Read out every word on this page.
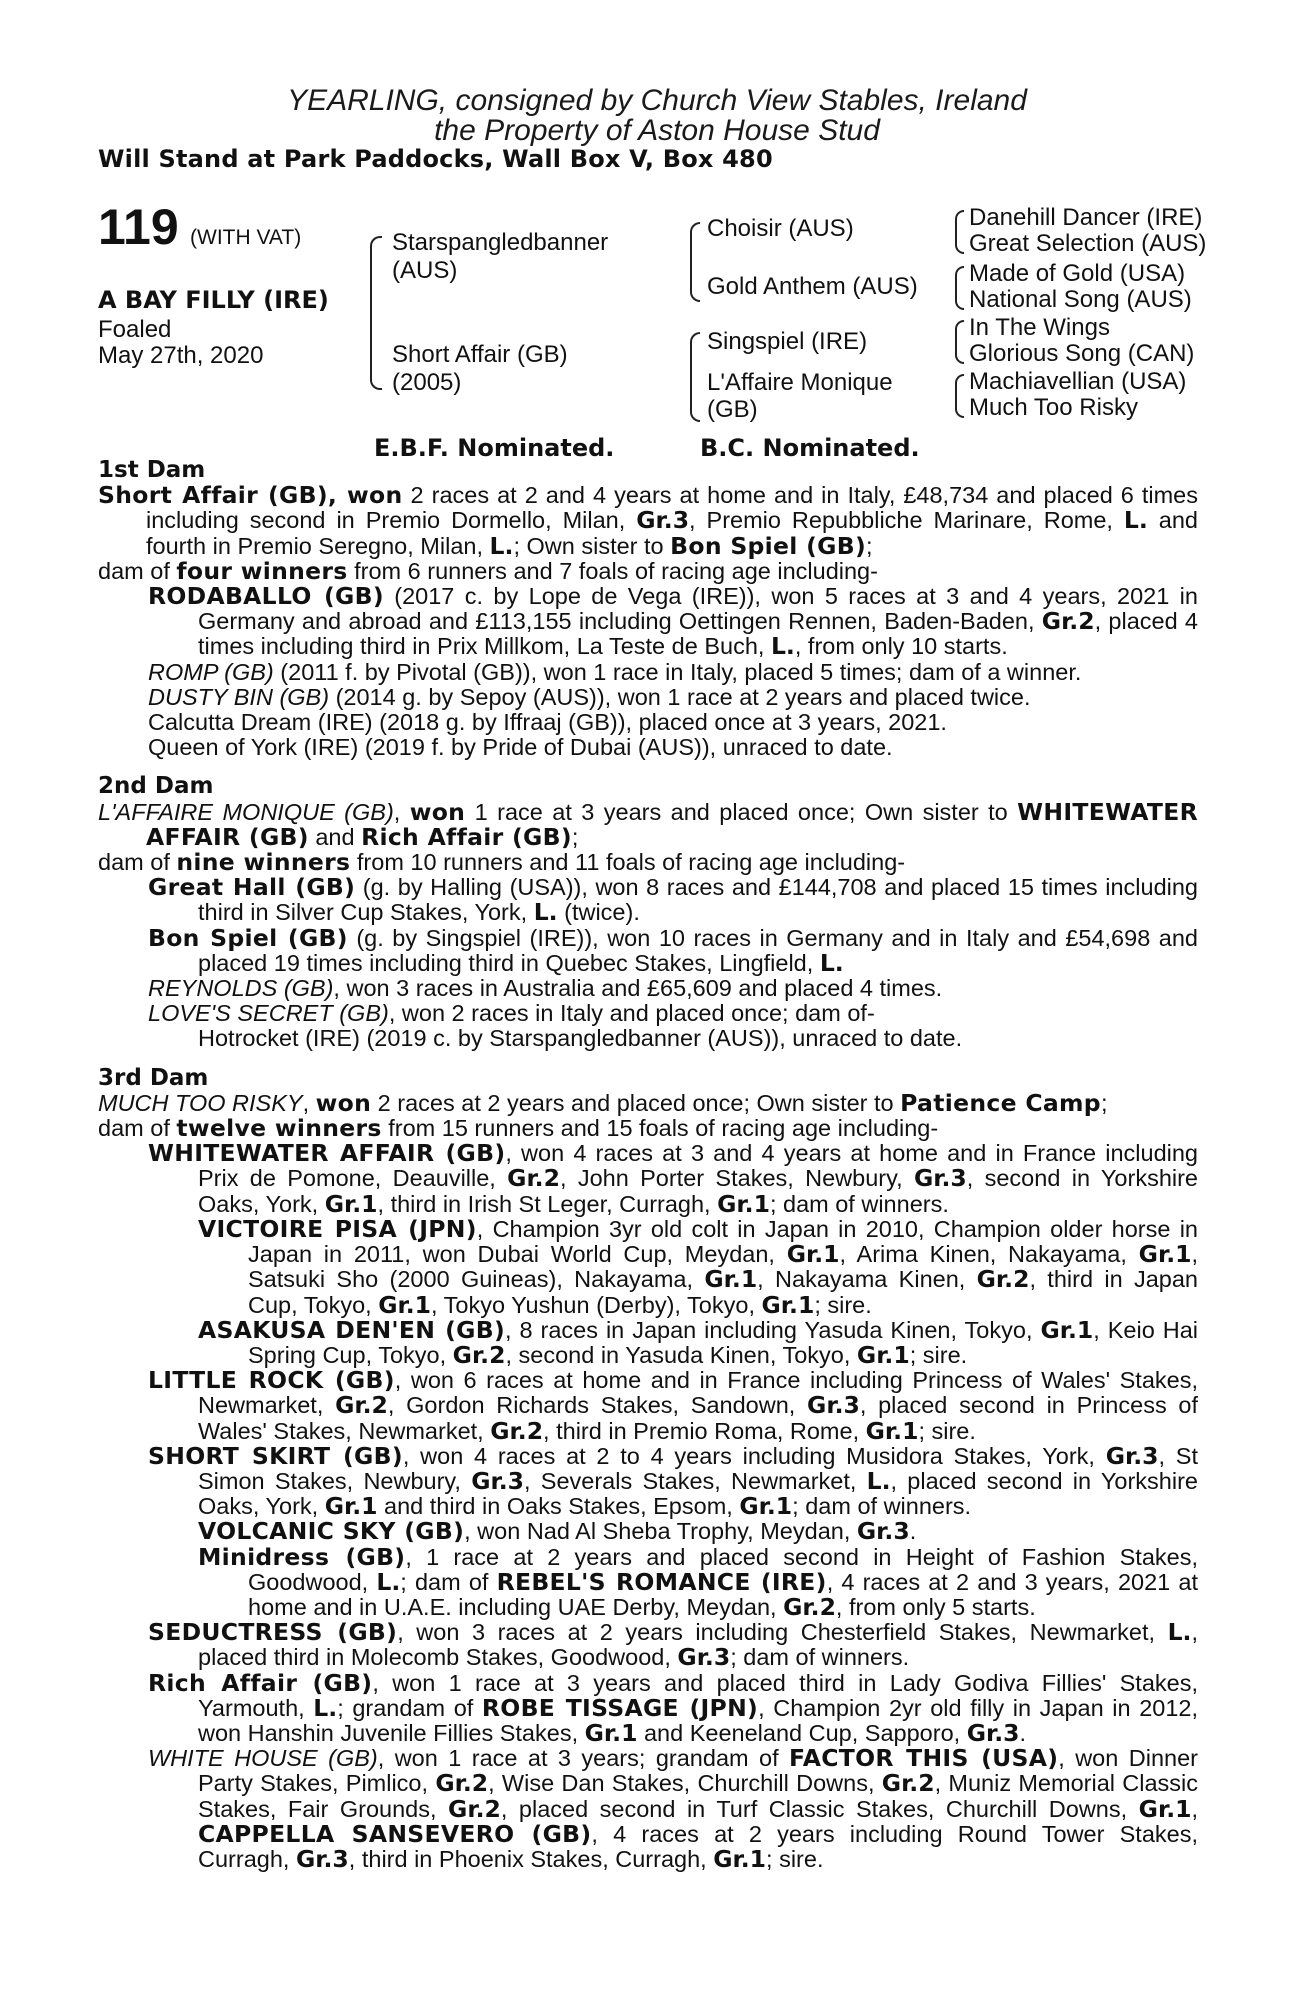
YEARLING, consigned by Church View Stables, Ireland
the Property of Aston House Stud
Will Stand at Park Paddocks, Wall Box V, Box 480
119 (WITH VAT)
A BAY FILLY (IRE)
Foaled
May 27th, 2020
Starspangledbanner
(AUS)
Short Affair (GB)
(2005)
Choisir (AUS)
Gold Anthem (AUS)
Singspiel (IRE)
L'Affaire Monique
(GB)
Danehill Dancer (IRE)
Great Selection (AUS)
Made of Gold (USA)
National Song (AUS)
In The Wings
Glorious Song (CAN)
Machiavellian (USA)
Much Too Risky
E.B.F. Nominated.	B.C. Nominated.
1st Dam

Short Affair (GB), won 2 races at 2 and 4 years at home and in Italy, £48,734 and placed 6 times including second in Premio Dormello, Milan, Gr.3, Premio Repubbliche Marinare, Rome, L. and fourth in Premio Seregno, Milan, L.; Own sister to Bon Spiel (GB);

dam of four winners from 6 runners and 7 foals of racing age including-

RODABALLO (GB) (2017 c. by Lope de Vega (IRE)), won 5 races at 3 and 4 years, 2021 in Germany and abroad and £113,155 including Oettingen Rennen, Baden-Baden, Gr.2, placed 4 times including third in Prix Millkom, La Teste de Buch, L., from only 10 starts.

ROMP (GB) (2011 f. by Pivotal (GB)), won 1 race in Italy, placed 5 times; dam of a winner.

DUSTY BIN (GB) (2014 g. by Sepoy (AUS)), won 1 race at 2 years and placed twice.

Calcutta Dream (IRE) (2018 g. by Iffraaj (GB)), placed once at 3 years, 2021.

Queen of York (IRE) (2019 f. by Pride of Dubai (AUS)), unraced to date.

2nd Dam

L'AFFAIRE MONIQUE (GB), won 1 race at 3 years and placed once; Own sister to WHITEWATER AFFAIR (GB) and Rich Affair (GB);

dam of nine winners from 10 runners and 11 foals of racing age including-

Great Hall (GB) (g. by Halling (USA)), won 8 races and £144,708 and placed 15 times including third in Silver Cup Stakes, York, L. (twice).

Bon Spiel (GB) (g. by Singspiel (IRE)), won 10 races in Germany and in Italy and £54,698 and placed 19 times including third in Quebec Stakes, Lingfield, L.

REYNOLDS (GB), won 3 races in Australia and £65,609 and placed 4 times.

LOVE'S SECRET (GB), won 2 races in Italy and placed once; dam of-

Hotrocket (IRE) (2019 c. by Starspangledbanner (AUS)), unraced to date.

3rd Dam

MUCH TOO RISKY, won 2 races at 2 years and placed once; Own sister to Patience Camp;

dam of twelve winners from 15 runners and 15 foals of racing age including-

WHITEWATER AFFAIR (GB), won 4 races at 3 and 4 years at home and in France including Prix de Pomone, Deauville, Gr.2, John Porter Stakes, Newbury, Gr.3, second in Yorkshire Oaks, York, Gr.1, third in Irish St Leger, Curragh, Gr.1; dam of winners.

VICTOIRE PISA (JPN), Champion 3yr old colt in Japan in 2010, Champion older horse in Japan in 2011, won Dubai World Cup, Meydan, Gr.1, Arima Kinen, Nakayama, Gr.1, Satsuki Sho (2000 Guineas), Nakayama, Gr.1, Nakayama Kinen, Gr.2, third in Japan Cup, Tokyo, Gr.1, Tokyo Yushun (Derby), Tokyo, Gr.1; sire.

ASAKUSA DEN'EN (GB), 8 races in Japan including Yasuda Kinen, Tokyo, Gr.1, Keio Hai Spring Cup, Tokyo, Gr.2, second in Yasuda Kinen, Tokyo, Gr.1; sire.

LITTLE ROCK (GB), won 6 races at home and in France including Princess of Wales' Stakes, Newmarket, Gr.2, Gordon Richards Stakes, Sandown, Gr.3, placed second in Princess of Wales' Stakes, Newmarket, Gr.2, third in Premio Roma, Rome, Gr.1; sire.

SHORT SKIRT (GB), won 4 races at 2 to 4 years including Musidora Stakes, York, Gr.3, St Simon Stakes, Newbury, Gr.3, Severals Stakes, Newmarket, L., placed second in Yorkshire Oaks, York, Gr.1 and third in Oaks Stakes, Epsom, Gr.1; dam of winners.

VOLCANIC SKY (GB), won Nad Al Sheba Trophy, Meydan, Gr.3.

Minidress (GB), 1 race at 2 years and placed second in Height of Fashion Stakes, Goodwood, L.; dam of REBEL'S ROMANCE (IRE), 4 races at 2 and 3 years, 2021 at home and in U.A.E. including UAE Derby, Meydan, Gr.2, from only 5 starts.

SEDUCTRESS (GB), won 3 races at 2 years including Chesterfield Stakes, Newmarket, L., placed third in Molecomb Stakes, Goodwood, Gr.3; dam of winners.

Rich Affair (GB), won 1 race at 3 years and placed third in Lady Godiva Fillies' Stakes, Yarmouth, L.; grandam of ROBE TISSAGE (JPN), Champion 2yr old filly in Japan in 2012, won Hanshin Juvenile Fillies Stakes, Gr.1 and Keeneland Cup, Sapporo, Gr.3.

WHITE HOUSE (GB), won 1 race at 3 years; grandam of FACTOR THIS (USA), won Dinner Party Stakes, Pimlico, Gr.2, Wise Dan Stakes, Churchill Downs, Gr.2, Muniz Memorial Classic Stakes, Fair Grounds, Gr.2, placed second in Turf Classic Stakes, Churchill Downs, Gr.1, CAPPELLA SANSEVERO (GB), 4 races at 2 years including Round Tower Stakes, Curragh, Gr.3, third in Phoenix Stakes, Curragh, Gr.1; sire.
